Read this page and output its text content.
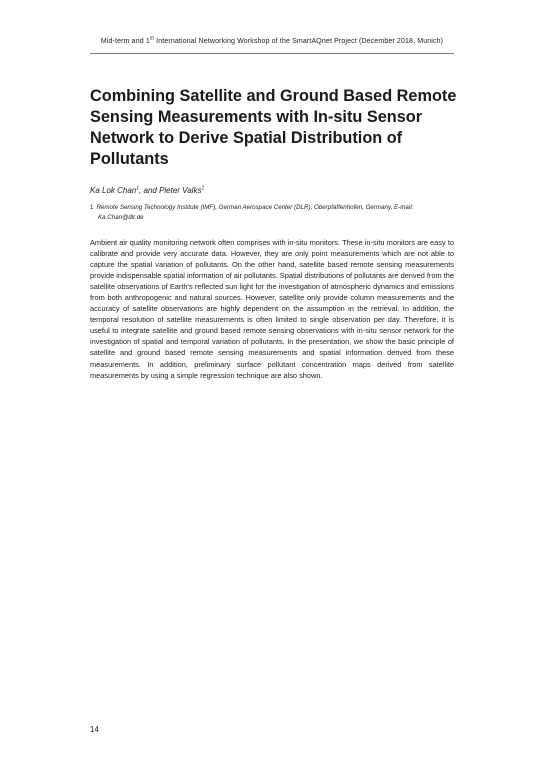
Mid-term and 1st International Networking Workshop of the SmartAQnet Project (December 2018, Munich)
Combining Satellite and Ground Based Remote Sensing Measurements with In-situ Sensor Network to Derive Spatial Distribution of Pollutants
Ka Lok Chan$^1$, and Pieter Valks$^1$
1 Remote Sensing Technology Institute (IMF), German Aerospace Center (DLR), Oberpfaffenhofen, Germany, E-mail:
Ka.Chan@dlr.de

Ambient air quality monitoring network often comprises with in-situ monitors. These in-situ monitors are easy to calibrate and provide very accurate data. However, they are only point measurements which are not able to capture the spatial variation of pollutants. On the other hand, satellite based remote sensing measurements provide indispensable spatial information of air pollutants. Spatial distributions of pollutants are derived from the satellite observations of Earth's reflected sun light for the investigation of atmospheric dynamics and emissions from both anthropogenic and natural sources. However, satellite only provide column measurements and the accuracy of satellite observations are highly dependent on the assumption in the retrieval. In addition, the temporal resolution of satellite measurements is often limited to single observation per day. Therefore, it is useful to integrate satellite and ground based remote sensing observations with in-situ sensor network for the investigation of spatial and temporal variation of pollutants. In the presentation, we show the basic principle of satellite and ground based remote sensing measurements and spatial information derived from these measurements. In addition, preliminary surface pollutant concentration maps derived from satellite measurements by using a simple regression technique are also shown.

14
